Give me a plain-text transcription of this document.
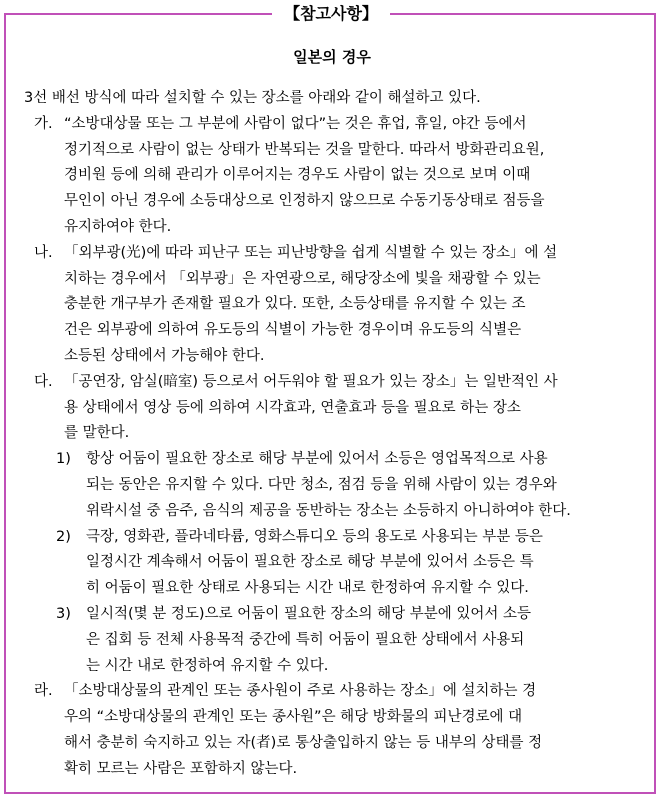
【참고사항】
일본의 경우
3선 배선 방식에 따라 설치할 수 있는 장소를 아래와 같이 해설하고 있다.
가. “소방대상물 또는 그 부분에 사람이 없다”는 것은 휴업, 휴일, 야간 등에서
정기적으로 사람이 없는 상태가 반복되는 것을 말한다. 따라서 방화관리요원,
경비원 등에 의해 관리가 이루어지는 경우도 사람이 없는 것으로 보며 이때
무인이 아닌 경우에 소등대상으로 인정하지 않으므로 수동기동상태로 점등을
유지하여야 한다.
나. 「외부광(光)에 따라 피난구 또는 피난방향을 쉽게 식별할 수 있는 장소」에 설
치하는 경우에서 「외부광」은 자연광으로, 해당장소에 빛을 채광할 수 있는
충분한 개구부가 존재할 필요가 있다. 또한, 소등상태를 유지할 수 있는 조
건은 외부광에 의하여 유도등의 식별이 가능한 경우이며 유도등의 식별은
소등된 상태에서 가능해야 한다.
다. 「공연장, 암실(暗室) 등으로서 어두워야 할 필요가 있는 장소」는 일반적인 사
용 상태에서 영상 등에 의하여 시각효과, 연출효과 등을 필요로 하는 장소
를 말한다.
1)	항상 어둠이 필요한 장소로 해당 부분에 있어서 소등은 영업목적으로 사용
되는 동안은 유지할 수 있다. 다만 청소, 점검 등을 위해 사람이 있는 경우와
위락시설 중 음주, 음식의 제공을 동반하는 장소는 소등하지 아니하여야 한다.
2)	극장, 영화관, 플라네타륨, 영화스튜디오 등의 용도로 사용되는 부분 등은
일정시간 계속해서 어둠이 필요한 장소로 해당 부분에 있어서 소등은 특
히 어둠이 필요한 상태로 사용되는 시간 내로 한정하여 유지할 수 있다.
3)	일시적(몇 분 정도)으로 어둠이 필요한 장소의 해당 부분에 있어서 소등
은 집회 등 전체 사용목적 중간에 특히 어둠이 필요한 상태에서 사용되
는 시간 내로 한정하여 유지할 수 있다.
라. 「소방대상물의 관계인 또는 종사원이 주로 사용하는 장소」에 설치하는 경
우의 “소방대상물의 관계인 또는 종사원”은 해당 방화물의 피난경로에 대
해서 충분히 숙지하고 있는 자(者)로 통상출입하지 않는 등 내부의 상태를 정
확히 모르는 사람은 포함하지 않는다.
